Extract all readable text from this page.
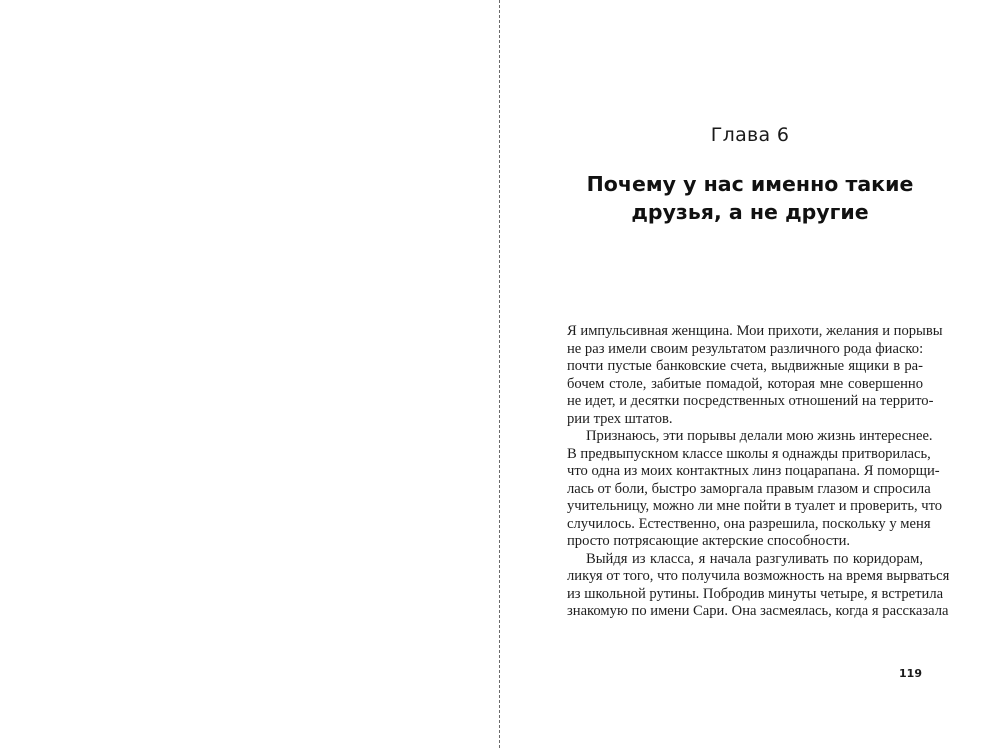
Глава 6

Почему у нас именно такие
друзья, а не другие
Я импульсивная женщина. Мои прихоти, желания и порывы
не раз имели своим результатом различного рода фиаско:
почти пустые банковские счета, выдвижные ящики в ра-
бочем столе, забитые помадой, которая мне совершенно
не идет, и десятки посредственных отношений на террито-
рии трех штатов.
Признаюсь, эти порывы делали мою жизнь интереснее.
В предвыпускном классе школы я однажды притворилась,
что одна из моих контактных линз поцарапана. Я поморщи-
лась от боли, быстро заморгала правым глазом и спросила
учительницу, можно ли мне пойти в туалет и проверить, что
случилось. Естественно, она разрешила, поскольку у меня
просто потрясающие актерские способности.
Выйдя из класса, я начала разгуливать по коридорам,
ликуя от того, что получила возможность на время вырваться
из школьной рутины. Побродив минуты четыре, я встретила
знакомую по имени Сари. Она засмеялась, когда я рассказала

119
